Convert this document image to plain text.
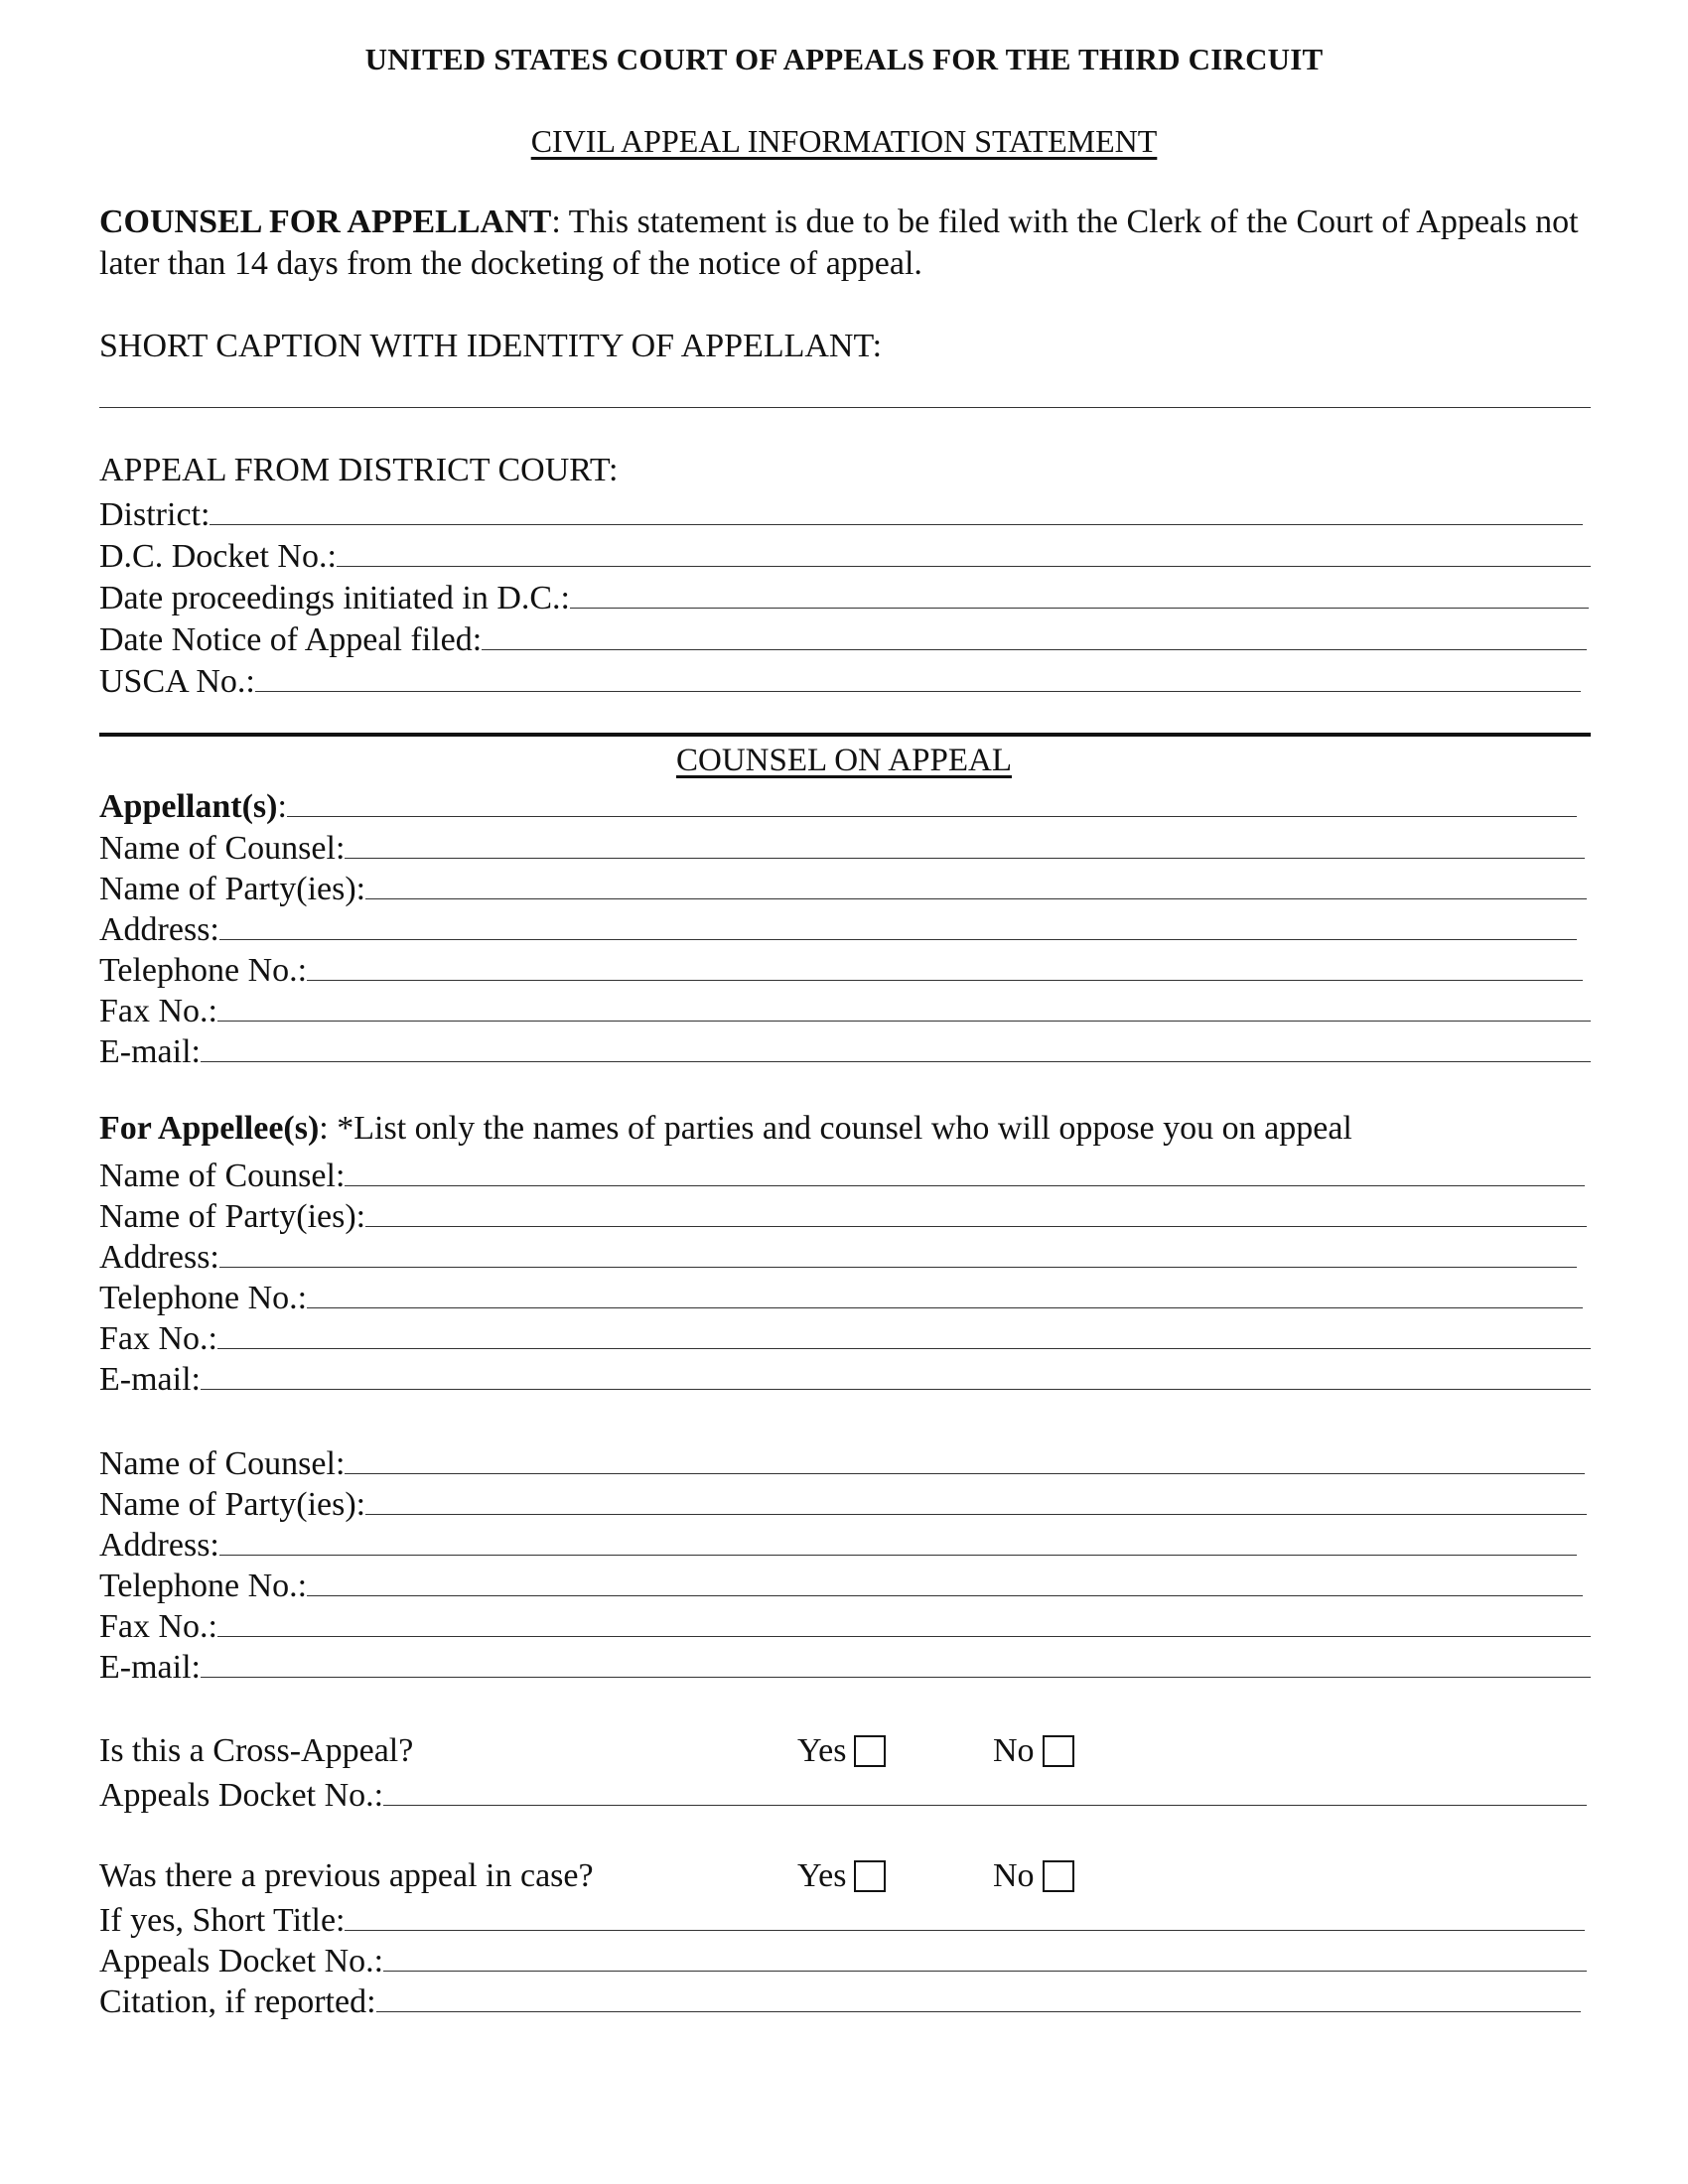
UNITED STATES COURT OF APPEALS FOR THE THIRD CIRCUIT
CIVIL APPEAL INFORMATION STATEMENT
COUNSEL FOR APPELLANT: This statement is due to be filed with the Clerk of the Court of Appeals not later than 14 days from the docketing of the notice of appeal.
SHORT CAPTION WITH IDENTITY OF APPELLANT:
APPEAL FROM DISTRICT COURT:
District:
D.C. Docket No.:
Date proceedings initiated in D.C.:
Date Notice of Appeal filed:
USCA No.:
COUNSEL ON APPEAL
Appellant(s) :
Name of Counsel:
Name of Party(ies):
Address:
Telephone No.:
Fax No.:
E-mail:
For Appellee(s): *List only the names of parties and counsel who will oppose you on appeal
Name of Counsel:
Name of Party(ies):
Address:
Telephone No.:
Fax No.:
E-mail:
Name of Counsel:
Name of Party(ies):
Address:
Telephone No.:
Fax No.:
E-mail:
Is this a Cross-Appeal?	Yes	No
Appeals Docket No.:
Was there a previous appeal in case?	Yes	No
If yes, Short Title:
Appeals Docket No.:
Citation, if reported:
